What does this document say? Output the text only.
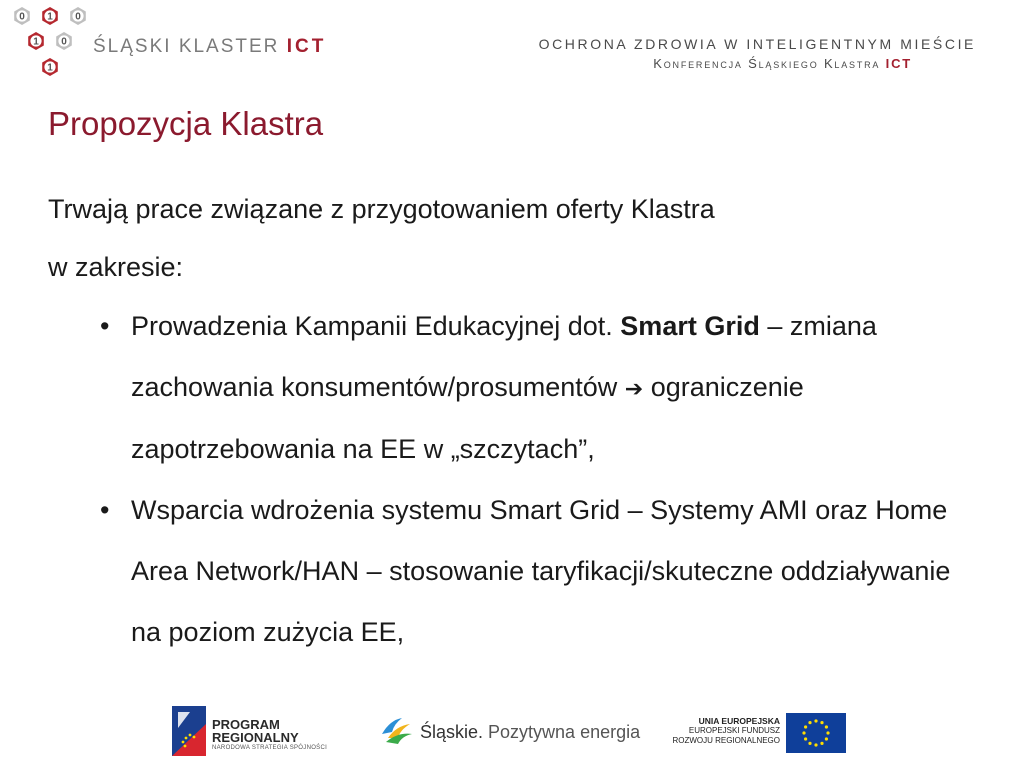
0 1 0
1 0
1
ŚLĄSKI KLASTER ICT	OCHRONA ZDROWIA W INTELIGENTNYM MIEŚCIE
Konferencja Śląskiego Klastra ICT
Propozycja Klastra
Trwają prace związane z przygotowaniem oferty Klastra
w zakresie:
• Prowadzenia Kampanii Edukacyjnej dot. Smart Grid – zmiana zachowania konsumentów/prosumentów ➔ ograniczenie zapotrzebowania na EE w „szczytach”,
• Wsparcia wdrożenia systemu Smart Grid – Systemy AMI oraz Home Area Network/HAN – stosowanie taryfikacji/skuteczne oddziaływanie na poziom zużycia EE,
PROGRAM
REGIONALNY
NARODOWA STRATEGIA SPÓJNOŚCI
Śląskie. Pozytywna energia
UNIA EUROPEJSKA
EUROPEJSKI FUNDUSZ
ROZWOJU REGIONALNEGO
